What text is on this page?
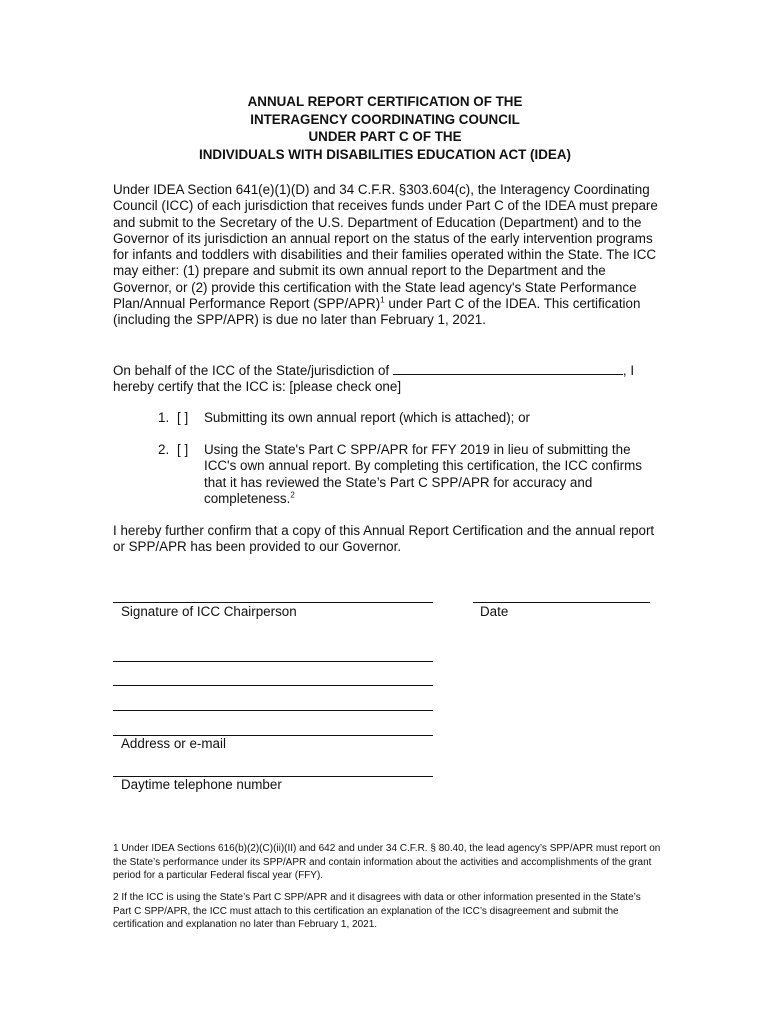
ANNUAL REPORT CERTIFICATION OF THE
INTERAGENCY COORDINATING COUNCIL
UNDER PART C OF THE
INDIVIDUALS WITH DISABILITIES EDUCATION ACT (IDEA)

Under IDEA Section 641(e)(1)(D) and 34 C.F.R. §303.604(c), the Interagency Coordinating Council (ICC) of each jurisdiction that receives funds under Part C of the IDEA must prepare and submit to the Secretary of the U.S. Department of Education (Department) and to the Governor of its jurisdiction an annual report on the status of the early intervention programs for infants and toddlers with disabilities and their families operated within the State. The ICC may either: (1) prepare and submit its own annual report to the Department and the Governor, or (2) provide this certification with the State lead agency's State Performance Plan/Annual Performance Report $(SPP/APR)^1$ under Part C of the IDEA. This certification (including the SPP/APR) is due no later than February 1, 2021.

On behalf of the ICC of the State/jurisdiction of	, I hereby certify that the ICC is: [please check one]

1. [ ] Submitting its own annual report (which is attached); or
2. [ ] Using the State's Part C SPP/APR for FFY 2019 in lieu of submitting the ICC's own annual report. By completing this certification, the ICC confirms that it has reviewed the State’s Part C SPP/APR for accuracy and completeness.$^2$

I hereby further confirm that a copy of this Annual Report Certification and the annual report or SPP/APR has been provided to our Governor.

Signature of ICC Chairperson	Date
Address or e-mail
Daytime telephone number

1 Under IDEA Sections 616(b)(2)(C)(ii)(II) and 642 and under 34 C.F.R. § 80.40, the lead agency’s SPP/APR must report on the State’s performance under its SPP/APR and contain information about the activities and accomplishments of the grant period for a particular Federal fiscal year (FFY).

2 If the ICC is using the State’s Part C SPP/APR and it disagrees with data or other information presented in the State’s Part C SPP/APR, the ICC must attach to this certification an explanation of the ICC’s disagreement and submit the certification and explanation no later than February 1, 2021.
